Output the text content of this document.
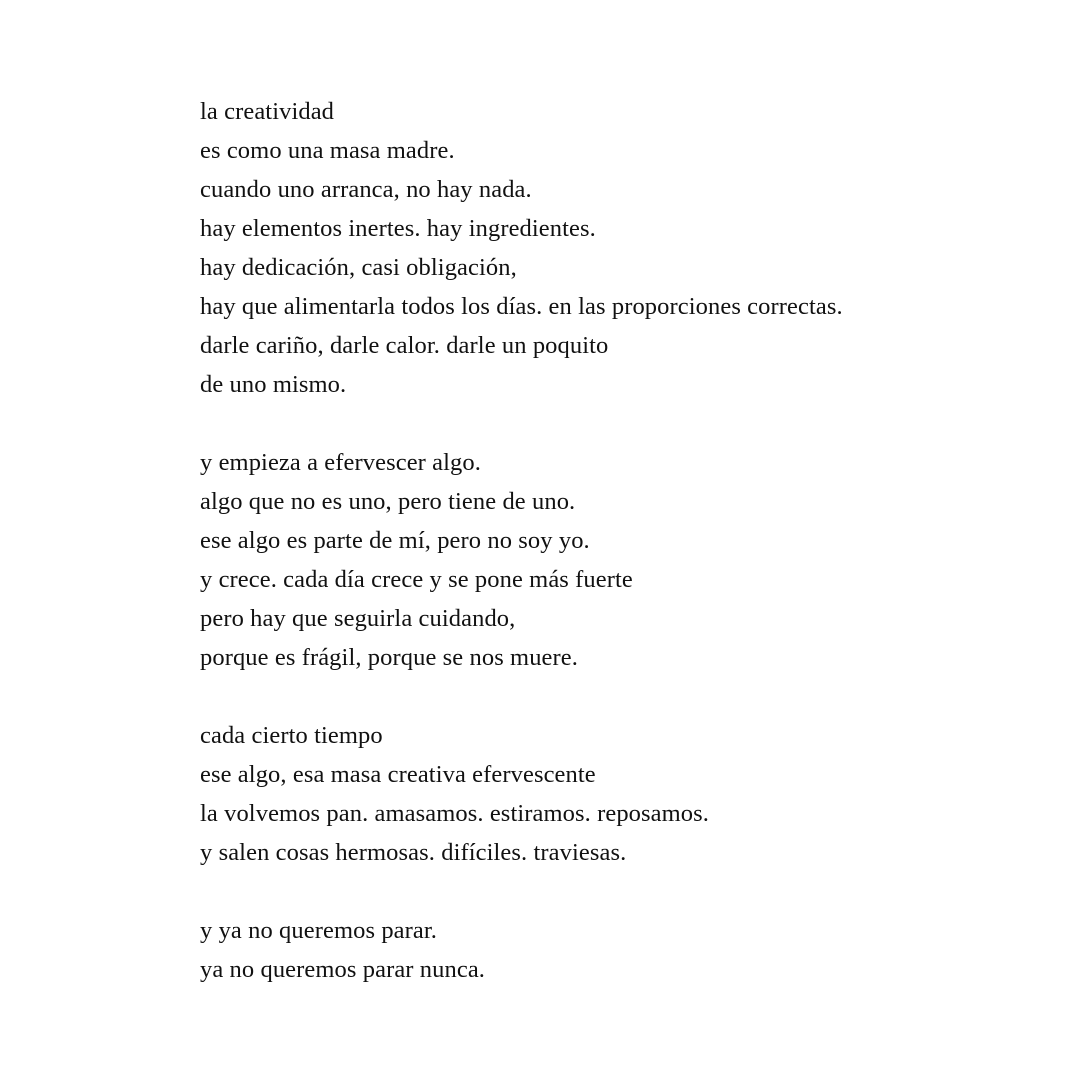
la creatividad
es como una masa madre.
cuando uno arranca, no hay nada.
hay elementos inertes. hay ingredientes.
hay dedicación, casi obligación,
hay que alimentarla todos los días. en las proporciones correctas.
darle cariño, darle calor. darle un poquito
de uno mismo.
y empieza a efervescer algo.
algo que no es uno, pero tiene de uno.
ese algo es parte de mí, pero no soy yo.
y crece. cada día crece y se pone más fuerte
pero hay que seguirla cuidando,
porque es frágil, porque se nos muere.
cada cierto tiempo
ese algo, esa masa creativa efervescente
la volvemos pan. amasamos. estiramos. reposamos.
y salen cosas hermosas. difíciles. traviesas.
y ya no queremos parar.
ya no queremos parar nunca.
